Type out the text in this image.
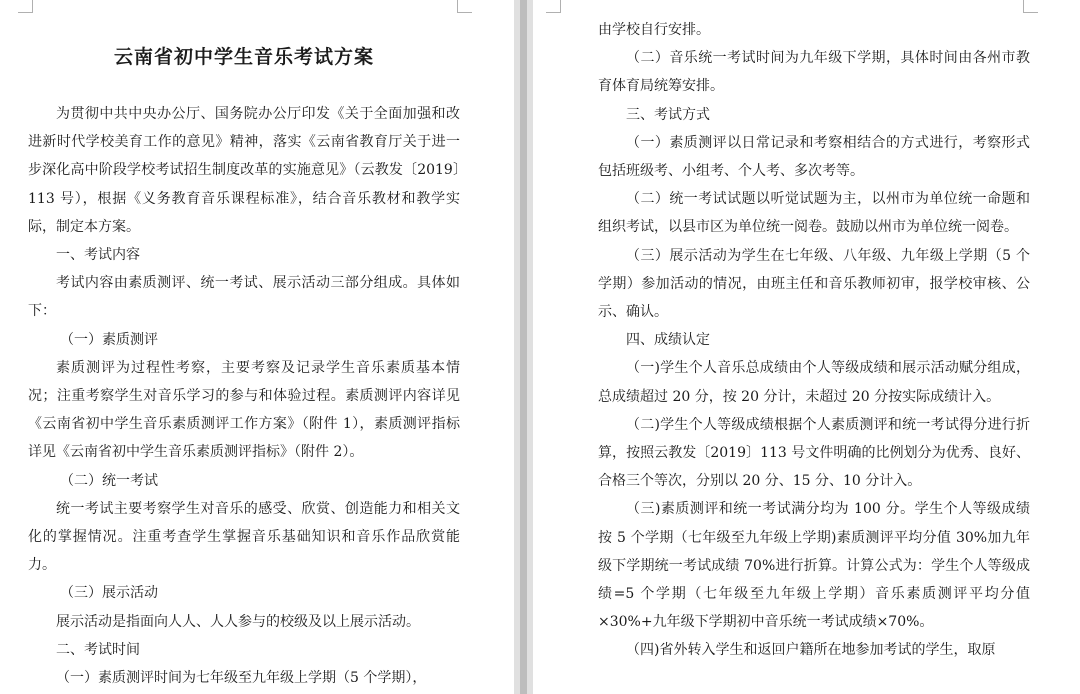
云南省初中学生音乐考试方案

为贯彻中共中央办公厅、国务院办公厅印发《关于全面加强和改进新时代学校美育工作的意见》精神，落实《云南省教育厅关于进一步深化高中阶段学校考试招生制度改革的实施意见》（云教发〔2019〕113 号），根据《义务教育音乐课程标准》，结合音乐教材和教学实际，制定本方案。

一、考试内容

考试内容由素质测评、统一考试、展示活动三部分组成。具体如下：

（一）素质测评

素质测评为过程性考察，主要考察及记录学生音乐素质基本情况；注重考察学生对音乐学习的参与和体验过程。素质测评内容详见《云南省初中学生音乐素质测评工作方案》（附件 1），素质测评指标详见《云南省初中学生音乐素质测评指标》（附件 2）。

（二）统一考试

统一考试主要考察学生对音乐的感受、欣赏、创造能力和相关文化的掌握情况。注重考查学生掌握音乐基础知识和音乐作品欣赏能力。

（三）展示活动

展示活动是指面向人人、人人参与的校级及以上展示活动。

二、考试时间

（一）素质测评时间为七年级至九年级上学期（5 个学期），

由学校自行安排。

（二）音乐统一考试时间为九年级下学期，具体时间由各州市教育体育局统筹安排。

三、考试方式

（一）素质测评以日常记录和考察相结合的方式进行，考察形式包括班级考、小组考、个人考、多次考等。

（二）统一考试试题以听觉试题为主，以州市为单位统一命题和组织考试，以县市区为单位统一阅卷。鼓励以州市为单位统一阅卷。

（三）展示活动为学生在七年级、八年级、九年级上学期（5 个学期）参加活动的情况，由班主任和音乐教师初审，报学校审核、公示、确认。

四、成绩认定

（一)学生个人音乐总成绩由个人等级成绩和展示活动赋分组成，总成绩超过 20 分，按 20 分计，未超过 20 分按实际成绩计入。

（二)学生个人等级成绩根据个人素质测评和统一考试得分进行折算，按照云教发〔2019〕113 号文件明确的比例划分为优秀、良好、合格三个等次，分别以 20 分、15 分、10 分计入。

（三)素质测评和统一考试满分均为 100 分。学生个人等级成绩按 5 个学期（七年级至九年级上学期)素质测评平均分值 30%加九年级下学期统一考试成绩 70%进行折算。计算公式为：学生个人等级成绩=5 个学期（七年级至九年级上学期）音乐素质测评平均分值×30%+九年级下学期初中音乐统一考试成绩×70%。

（四)省外转入学生和返回户籍所在地参加考试的学生，取原
